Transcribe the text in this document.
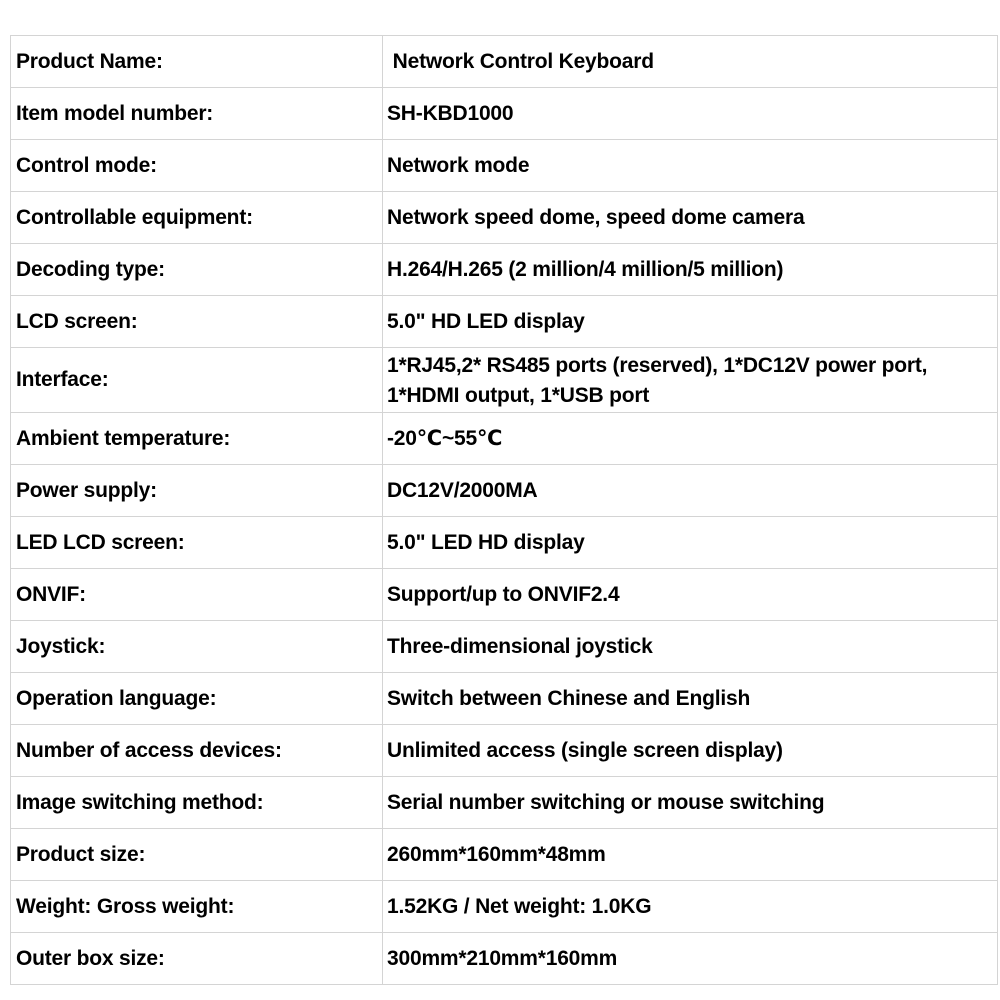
Product Name:	Network Control Keyboard
Item model number:	SH-KBD1000
Control mode:	Network mode
Controllable equipment:	Network speed dome, speed dome camera
Decoding type:	H.264/H.265 (2 million/4 million/5 million)
LCD screen:	5.0" HD LED display
Interface:	1*RJ45,2* RS485 ports (reserved), 1*DC12V power port,
1*HDMI output, 1*USB port

Ambient temperature:	-20℃~55℃
Power supply:	DC12V/2000MA
LED LCD screen:	5.0" LED HD display
ONVIF:	Support/up to ONVIF2.4
Joystick:	Three-dimensional joystick
Operation language:	Switch between Chinese and English
Number of access devices:	Unlimited access (single screen display)
Image switching method:	Serial number switching or mouse switching
Product size:	260mm*160mm*48mm
Weight: Gross weight:	1.52KG / Net weight: 1.0KG
Outer box size:	300mm*210mm*160mm
